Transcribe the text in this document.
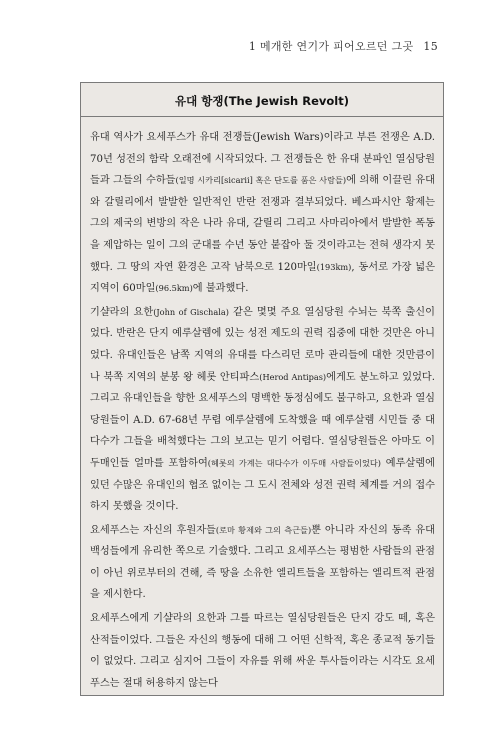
1 메개한 연기가 피어오르던 그곳 15
유대 항쟁(The Jewish Revolt)

유대 역사가 요세푸스가 유대 전쟁들(Jewish Wars)이라고 부른 전쟁은 A.D. 70년 성전의 함락 오래전에 시작되었다. 그 전쟁들은 한 유대 분파인 열심당원들과 그들의 수하들(일명 시카리[sicarii] 혹은 단도를 품은 사람들)에 의해 이끌린 유대와 갈릴리에서 발발한 일반적인 반란 전쟁과 결부되었다. 베스파시안 황제는 그의 제국의 변방의 작은 나라 유대, 갈릴리 그리고 사마리아에서 발발한 폭동을 제압하는 일이 그의 군대를 수년 동안 붙잡아 둘 것이라고는 전혀 생각지 못했다. 그 땅의 자연 환경은 고작 남북으로 120마일(193km), 동서로 가장 넓은 지역이 60마일(96.5km)에 불과했다.

기샬라의 요한(John of Gischala) 같은 몇몇 주요 열심당원 수뇌는 북쪽 출신이었다. 반란은 단지 예루살렘에 있는 성전 제도의 권력 집중에 대한 것만은 아니었다. 유대인들은 남쪽 지역의 유대를 다스리던 로마 관리들에 대한 것만큼이나 북쪽 지역의 분봉 왕 헤롯 안티파스(Herod Antipas)에게도 분노하고 있었다. 그리고 유대인들을 향한 요세푸스의 명백한 동정심에도 불구하고, 요한과 열심당원들이 A.D. 67-68년 무렵 예루살렘에 도착했을 때 예루살렘 시민들 중 대다수가 그들을 배척했다는 그의 보고는 믿기 어렵다. 열심당원들은 아마도 이두매인들 얼마를 포함하여(헤롯의 가계는 대다수가 이두매 사람들이었다) 예루살렘에 있던 수많은 유대인의 협조 없이는 그 도시 전체와 성전 권력 체계를 거의 접수하지 못했을 것이다.

요세푸스는 자신의 후원자들(로마 황제와 그의 측근들)뿐 아니라 자신의 동족 유대 백성들에게 유리한 쪽으로 기술했다. 그리고 요세푸스는 평범한 사람들의 관점이 아닌 위로부터의 견해, 즉 땅을 소유한 엘리트들을 포함하는 엘리트적 관점을 제시한다.

요세푸스에게 기샬라의 요한과 그를 따르는 열심당원들은 단지 강도 떼, 혹은 산적들이었다. 그들은 자신의 행동에 대해 그 어떤 신학적, 혹은 종교적 동기들이 없었다. 그리고 심지어 그들이 자유를 위해 싸운 투사들이라는 시각도 요세푸스는 절대 허용하지 않는다
